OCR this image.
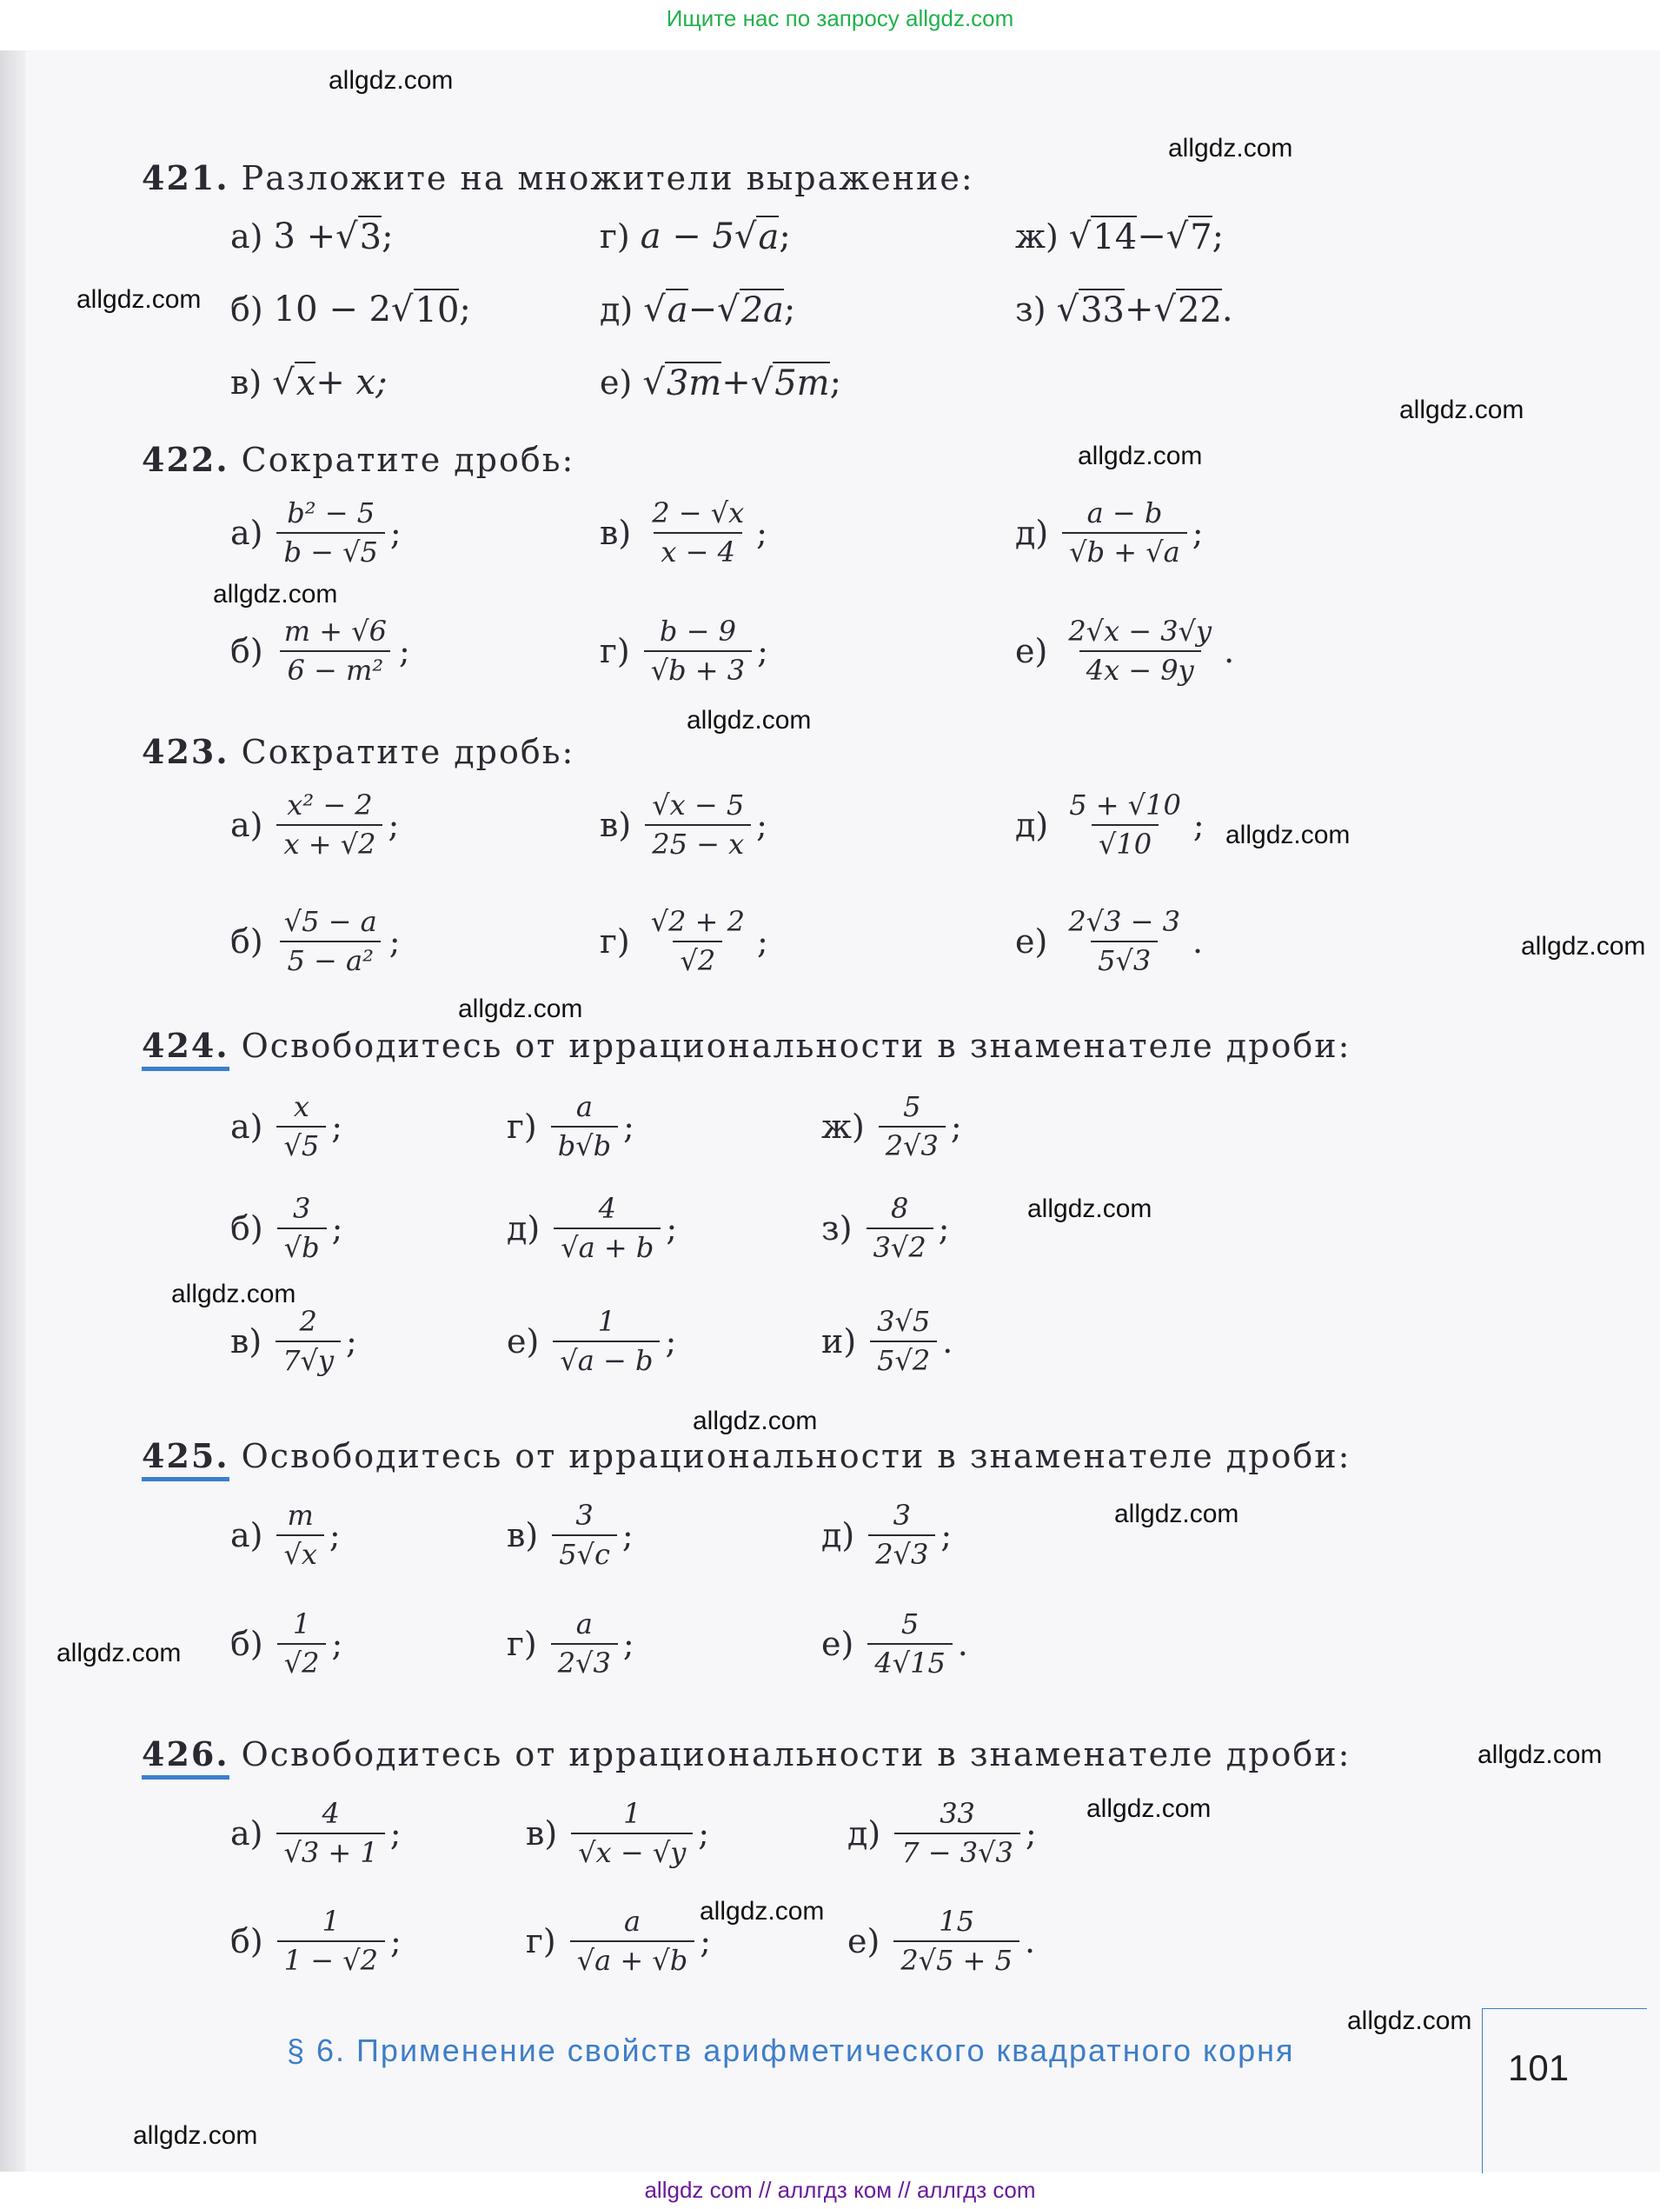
Ищите нас по запросу allgdz.com
allgdz.com
allgdz.com
allgdz.com
allgdz.com
allgdz.com
allgdz.com
allgdz.com
allgdz.com
allgdz.com
allgdz.com
allgdz.com
allgdz.com
allgdz.com
allgdz.com
allgdz.com
allgdz.com
allgdz.com
allgdz.com
allgdz.com
allgdz.com
421. Разложите на множители выражение:
а) 3 + √ 3 ;
б) 10 − 2 √ 10 ;
в) √ x + x;
г) a − 5 √ a ;
д) √ a − √ 2a ;
е) √ 3m + √ 5m ;
ж) √ 14 − √ 7 ;
з) √ 33 + √ 22 .
422. Сократите дробь:
$а) \frac{\text{b² − 5}}{b - √5}$ ;
$б) \frac{m + √6}{\text{6 − m²}}$ ;
$в) \frac{2 - √x}{x - 4}$ ;
$г) \frac{b - 9}{√b + 3}$ ;
$д) \frac{a - b}{√b + √a}$ ;
$е) \frac{2√x - 3√y}{4x - 9y}$ .
423. Сократите дробь:
$а) \frac{\text{x² − 2}}{x + √2}$ ;
$б) \frac{√5 - a}{\text{5 − a²}}$ ;
$в) \frac{√x - 5}{25 - x}$ ;
$г) \frac{√2 + 2}{√2}$ ;
$д) \frac{5 + √10}{√10}$ ;
$е) \frac{2√3 - 3}{5√3}$ .
424. Освободитесь от иррациональности в знаменателе дроби:
$а) \frac{x}{√5}$ ;
$б) \frac{3}{√b}$ ;
$в) \frac{2}{7√y}$ ;
$г) \frac{a}{b√b}$ ;
$д) \frac{4}{√a + b}$ ;
$е) \frac{1}{√a - b}$ ;
$ж) \frac{5}{2√3}$ ;
$з) \frac{8}{3√2}$ ;
$и) \frac{3√5}{5√2}$ .
425. Освободитесь от иррациональности в знаменателе дроби:
$а) \frac{m}{√x}$ ;
$б) \frac{1}{√2}$ ;
$в) \frac{3}{5√c}$ ;
$г) \frac{a}{2√3}$ ;
$д) \frac{3}{2√3}$ ;
$е) \frac{5}{4√15}$ .
426. Освободитесь от иррациональности в знаменателе дроби:
$а) \frac{4}{√3 + 1}$ ;
$б) \frac{1}{1 - √2}$ ;
$в) \frac{1}{√x - √y}$ ;
$г) \frac{a}{√a + √b}$ ;
$д) \frac{33}{7 - 3√3}$ ;
$е) \frac{15}{2√5 + 5}$ .
§ 6. Применение свойств арифметического квадратного корня	101
allgdz com // аллгдз ком // аллгдз com
